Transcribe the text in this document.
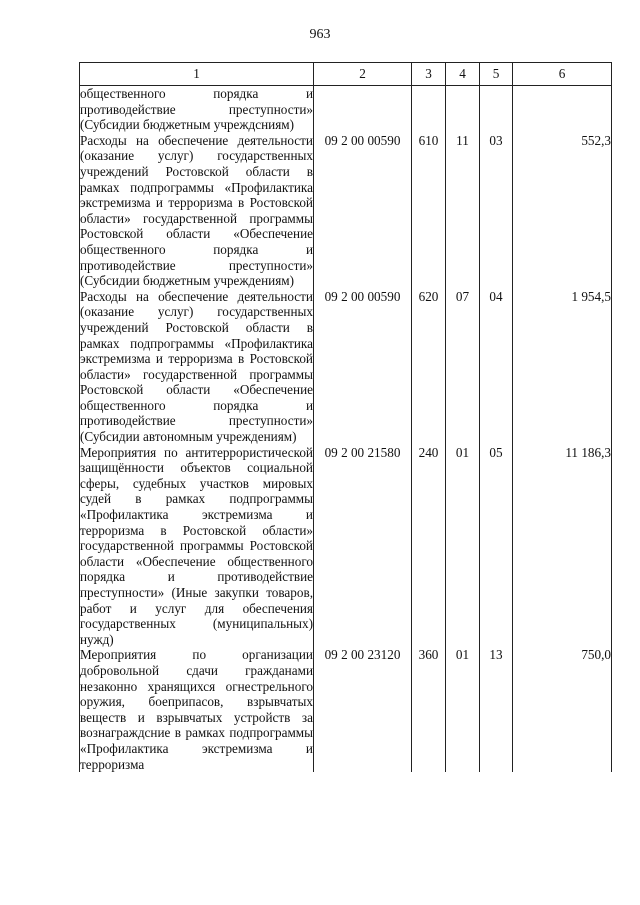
963
1	2	3	4	5	6
общественного порядка и противодействие преступности» (Субсидии бюджетным учреждсниям)					
Расходы на обеспечение деятельности (оказание услуг) государственных учреждений Ростовской области в рамках подпрограммы «Профилактика экстремизма и терроризма в Ростовской области» государственной программы Ростовской области «Обеспечение общественного порядка и противодействие преступности» (Субсидии бюджетным учреждениям)	09 2 00 00590	610	11	03	552,3
Расходы на обеспечение деятельности (оказание услуг) государственных учреждений Ростовской области в рамках подпрограммы «Профилактика экстремизма и терроризма в Ростовской области» государственной программы Ростовской области «Обеспечение общественного порядка и противодействие преступности» (Субсидии автономным учреждениям)	09 2 00 00590	620	07	04	1 954,5
Мероприятия по антитеррористической защищённости объектов социальной сферы, судебных участков мировых судей в рамках подпрограммы «Профилактика экстремизма и терроризма в Ростовской области» государственной программы Ростовской области «Обеспечение общественного порядка и противодействие преступности» (Иные закупки товаров, работ и услуг для обеспечения государственных (муниципальных) нужд)	09 2 00 21580	240	01	05	11 186,3
Мероприятия по организации добровольной сдачи гражданами незаконно хранящихся огнестрельного оружия, боеприпасов, взрывчатых веществ и взрывчатых устройств за вознаграждсние в рамках подпрограммы «Профилактика экстремизма и терроризма	09 2 00 23120	360	01	13	750,0
